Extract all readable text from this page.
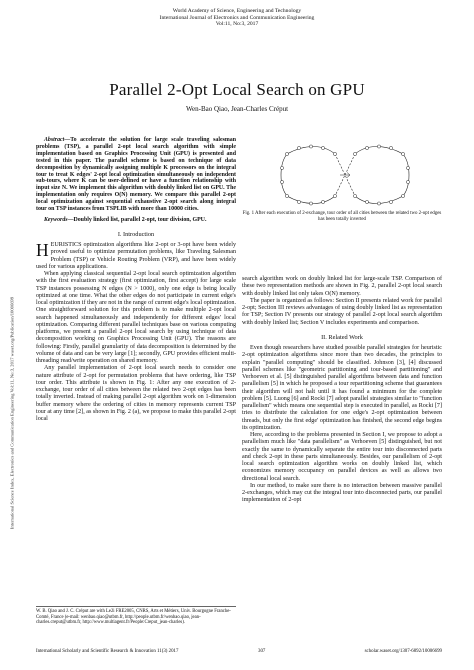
World Academy of Science, Engineering and Technology
International Journal of Electronics and Communication Engineering
Vol:11, No:3, 2017
International Science Index, Electronics and Communication Engineering Vol:11, No:3, 2017 waset.org/Publication/10006699
Parallel 2-Opt Local Search on GPU
Wen-Bao Qiao, Jean-Charles Créput

Abstract—To accelerate the solution for large scale traveling salesman problems (TSP), a parallel 2-opt local search algorithm with simple implementation based on Graphics Processing Unit (GPU) is presented and tested in this paper. The parallel scheme is based on technique of data decomposition by dynamically assigning multiple K processors on the integral tour to treat K edges' 2-opt local optimization simultaneously on independent sub-tours, where K can be user-defined or have a function relationship with input size N. We implement this algorithm with doubly linked list on GPU. The implementation only requires O(N) memory. We compare this parallel 2-opt local optimization against sequential exhaustive 2-opt search along integral tour on TSP instances from TSPLIB with more than 10000 cities.

Keywords—Doubly linked list, parallel 2-opt, tour division, GPU.

I. Introduction

HEURISTICS optimization algorithms like 2-opt or 3-opt have been widely proved useful to optimize permutation problems, like Traveling Salesman Problem (TSP) or Vehicle Routing Problem (VRP), and have been widely used for various applications.

When applying classical sequential 2-opt local search optimization algorithm with the first evaluation strategy (first optimization, first accept) for large scale TSP instances possessing N edges (N > 1000), only one edge is being locally optimized at one time. What the other edges do not participate in current edge's local optimization if they are not in the range of current edge's local optimization. One straightforward solution for this problem is to make multiple 2-opt local search happened simultaneously and independently for different edges' local optimization. Comparing different parallel techniques base on various computing platforms, we present a parallel 2-opt local search by using technique of data decomposition working on Graphics Processing Unit (GPU). The reasons are following: Firstly, parallel granularity of data decomposition is determined by the volume of data and can be very large [1]; secondly, GPU provides efficient multi-threading read/write operation on shared memory.

Any parallel implementation of 2-opt local search needs to consider one nature attribute of 2-opt for permutation problems that have ordering, like TSP tour order. This attribute is shown in Fig. 1: After any one execution of 2-exchange, tour order of all cities between the related two 2-opt edges has been totally inverted. Instead of making parallel 2-opt algorithm work on 1-dimension buffer memory where the ordering of cities in memory represents current TSP tour at any time [2], as shown in Fig. 2 (a), we propose to make this parallel 2-opt local

W. B. Qiao and J. C. Créput are with Le2i FRE2005, CNRS, Arts et Métiers, Univ. Bourgogne Franche-Comté, France (e-mail: wenbao.qiao@utbm.fr, http://people.utbm.fr/wenbao.qiao, jean-charles.creput@utbm.fr, http://www.multiagent.fr/People:Creput_jean-charles).
Fig. 1 After each execution of 2-exchange, tour order of all cities between the related two 2-opt edges has been totally inverted

search algorithm work on doubly linked list for large-scale TSP. Comparison of these two representation methods are shown in Fig. 2, parallel 2-opt local search with doubly linked list only takes O(N) memory.

The paper is organized as follows: Section II presents related work for parallel 2-opt; Section III reviews advantages of using doubly linked list as representation for TSP; Section IV presents our strategy of parallel 2-opt local search algorithm with doubly linked list; Section V includes experiments and comparison.

II. Related Work

Even though researchers have studied possible parallel strategies for heuristic 2-opt optimization algorithms since more than two decades, the principles to explain "parallel computing" should be classified. Johnson [3], [4] discussed parallel schemes like "geometric partitioning and tour-based partitioning" and Verhoeven et al. [5] distinguished parallel algorithms between data and function parallelism [5] in which he proposed a tour repartitioning scheme that guarantees their algorithm will not halt until it has found a minimum for the complete problem [5]. Luong [6] and Rocki [7] adopt parallel strategies similar to "function parallelism" which means one sequential step is executed in parallel, as Rocki [7] tries to distribute the calculation for one edge's 2-opt optimization between threads, but only the first edge' optimization has finished, the second edge begins its optimization.

Here, according to the problems presented in Section I, we propose to adopt a parallelism much like "data parallelism" as Verhoeven [5] distinguished, but not exactly the same to dynamically separate the entire tour into disconnected parts and check 2-opt in these parts simultaneously. Besides, our parallelism of 2-opt local search optimization algorithm works on doubly linked list, which economizes memory occupancy on parallel devices as well as allows two directional local search.

In our method, to make sure there is no interaction between massive parallel 2-exchanges, which may cut the integral tour into disconnected parts, our parallel implementation of 2-opt

International Scholarly and Scientific Research & Innovation 11(3) 2017	307	scholar.waset.org/1307-6892/10006699
